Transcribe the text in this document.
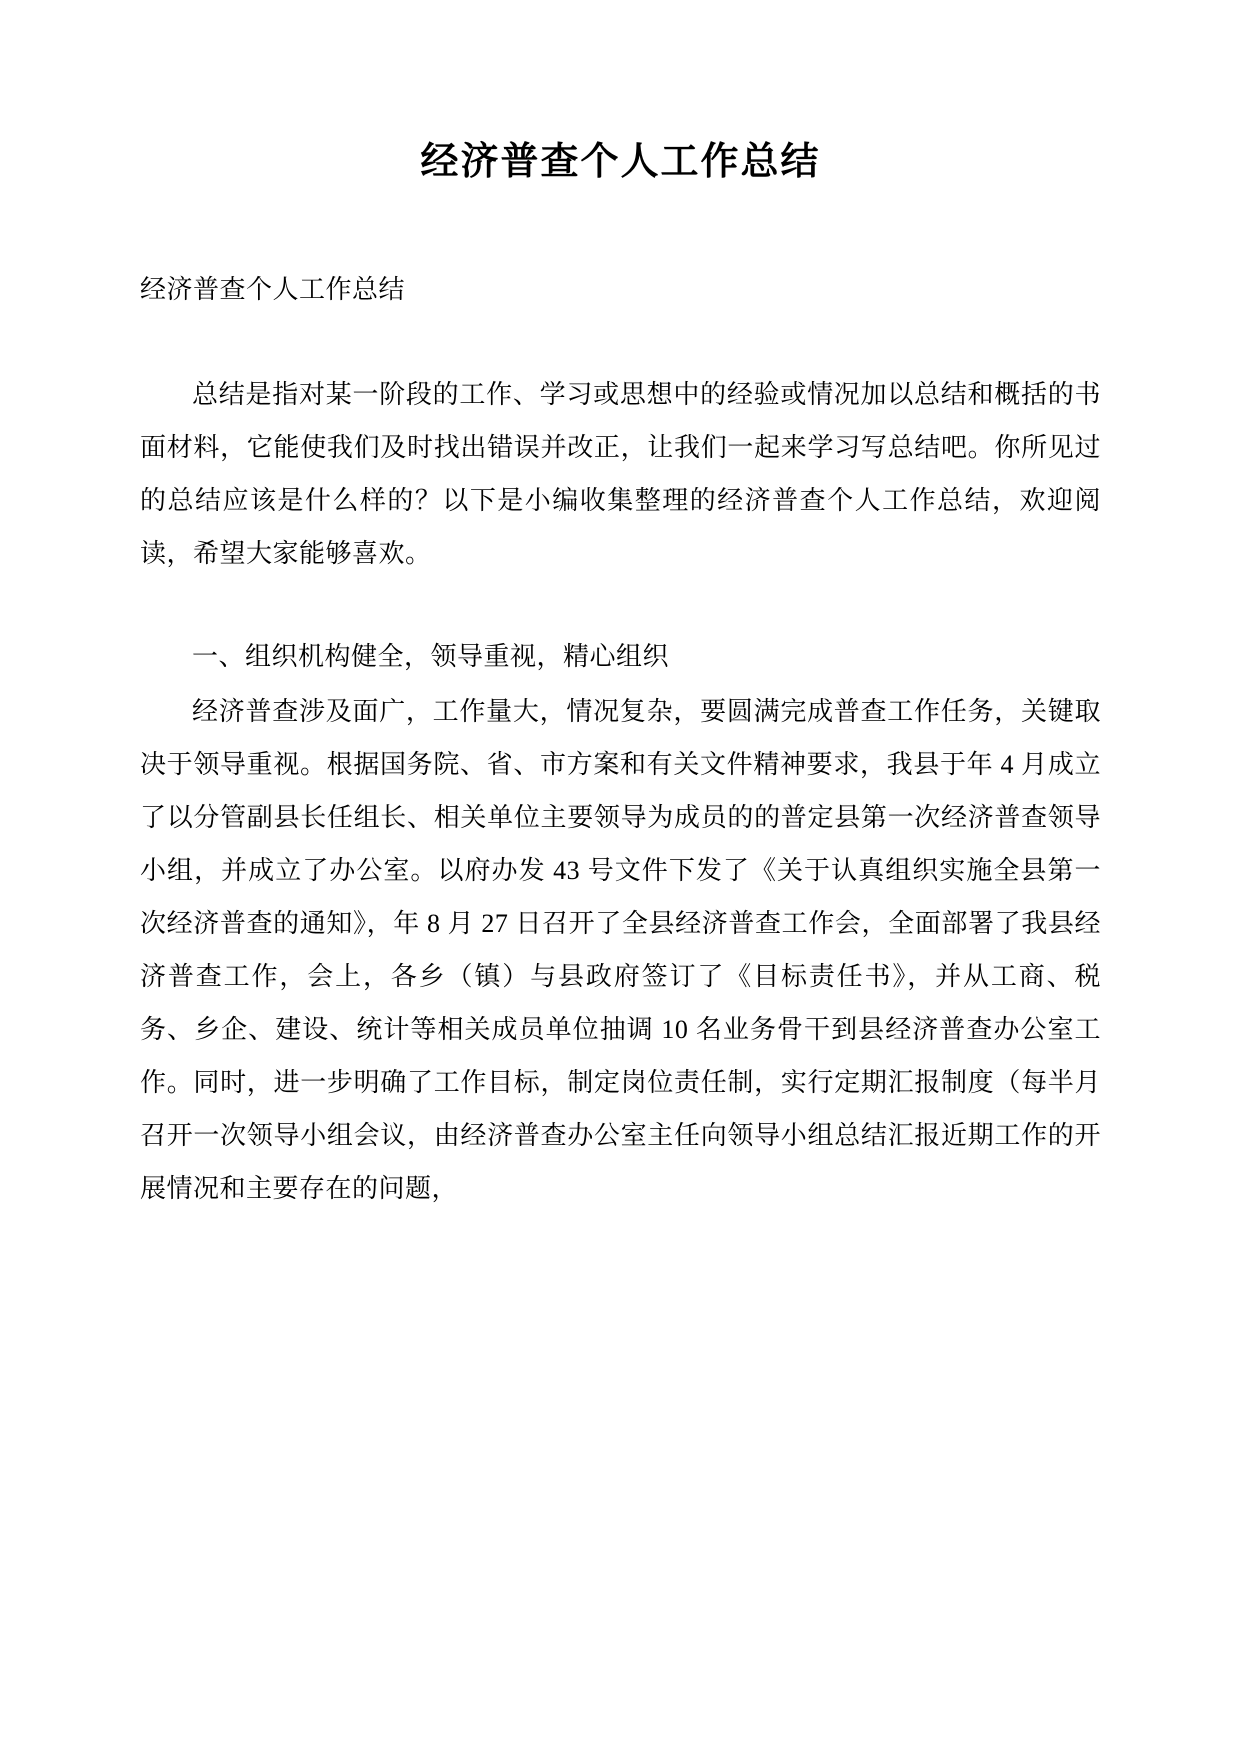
经济普查个人工作总结

经济普查个人工作总结

总结是指对某一阶段的工作、学习或思想中的经验或情况加以总结和概括的书面材料，它能使我们及时找出错误并改正，让我们一起来学习写总结吧。你所见过的总结应该是什么样的？以下是小编收集整理的经济普查个人工作总结，欢迎阅读，希望大家能够喜欢。

一、组织机构健全，领导重视，精心组织

经济普查涉及面广，工作量大，情况复杂，要圆满完成普查工作任务，关键取决于领导重视。根据国务院、省、市方案和有关文件精神要求，我县于年 4 月成立了以分管副县长任组长、相关单位主要领导为成员的的普定县第一次经济普查领导小组，并成立了办公室。以府办发 43 号文件下发了《关于认真组织实施全县第一次经济普查的通知》，年 8 月 27 日召开了全县经济普查工作会，全面部署了我县经济普查工作，会上，各乡（镇）与县政府签订了《目标责任书》，并从工商、税务、乡企、建设、统计等相关成员单位抽调 10 名业务骨干到县经济普查办公室工作。同时，进一步明确了工作目标，制定岗位责任制，实行定期汇报制度（每半月召开一次领导小组会议，由经济普查办公室主任向领导小组总结汇报近期工作的开展情况和主要存在的问题，
